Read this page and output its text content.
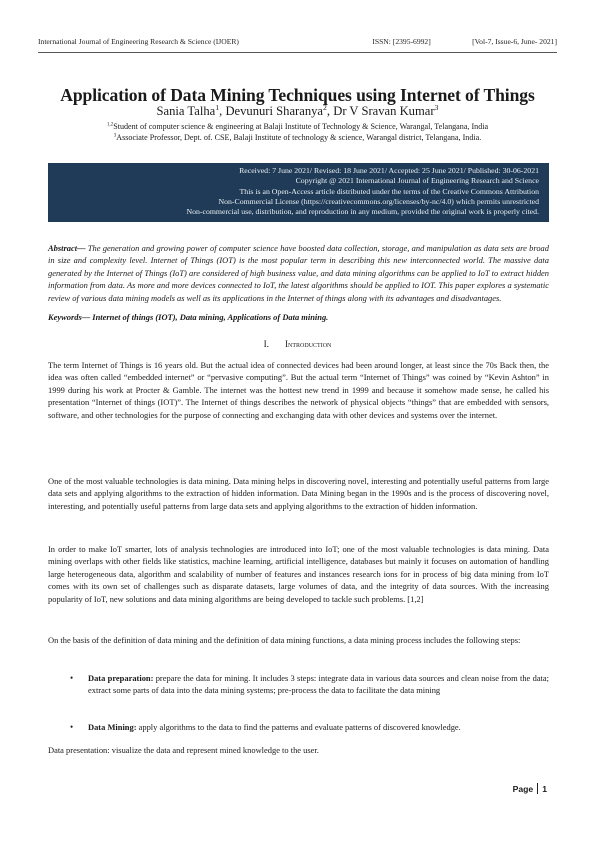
International Journal of Engineering Research & Science (IJOER)	ISSN: [2395-6992]	[Vol-7, Issue-6, June- 2021]
Application of Data Mining Techniques using Internet of Things
Sania Talha$^1$, Devunuri Sharanya$^2$, Dr V Sravan Kumar$^3$
$^{1,2}$Student of computer science & engineering at Balaji Institute of Technology & Science, Warangal, Telangana, India
$^3$Associate Professor, Dept. of. CSE, Balaji Institute of technology & science, Warangal district, Telangana, India.
Received: 7 June 2021/ Revised: 18 June 2021/ Accepted: 25 June 2021/ Published: 30-06-2021
Copyright @ 2021 International Journal of Engineering Research and Science
This is an Open-Access article distributed under the terms of the Creative Commons Attribution
Non-Commercial License (https://creativecommons.org/licenses/by-nc/4.0) which permits unrestricted
Non-commercial use, distribution, and reproduction in any medium, provided the original work is properly cited.
Abstract— The generation and growing power of computer science have boosted data collection, storage, and manipulation as data sets are broad in size and complexity level. Internet of Things (IOT) is the most popular term in describing this new interconnected world. The massive data generated by the Internet of Things (IoT) are considered of high business value, and data mining algorithms can be applied to IoT to extract hidden information from data. As more and more devices connected to IoT, the latest algorithms should be applied to IOT. This paper explores a systematic review of various data mining models as well as its applications in the Internet of things along with its advantages and disadvantages.
Keywords— Internet of things (IOT), Data mining, Applications of Data mining.
I. Introduction

The term Internet of Things is 16 years old. But the actual idea of connected devices had been around longer, at least since the 70s Back then, the idea was often called “embedded internet” or “pervasive computing”. But the actual term “Internet of Things” was coined by “Kevin Ashton” in 1999 during his work at Procter & Gamble. The internet was the hottest new trend in 1999 and because it somehow made sense, he called his presentation “Internet of things (IOT)”. The Internet of things describes the network of physical objects “things” that are embedded with sensors, software, and other technologies for the purpose of connecting and exchanging data with other devices and systems over the internet.

One of the most valuable technologies is data mining. Data mining helps in discovering novel, interesting and potentially useful patterns from large data sets and applying algorithms to the extraction of hidden information. Data Mining began in the 1990s and is the process of discovering novel, interesting, and potentially useful patterns from large data sets and applying algorithms to the extraction of hidden information.

In order to make IoT smarter, lots of analysis technologies are introduced into IoT; one of the most valuable technologies is data mining. Data mining overlaps with other fields like statistics, machine learning, artificial intelligence, databases but mainly it focuses on automation of handling large heterogeneous data, algorithm and scalability of number of features and instances research ions for in process of big data mining from IoT comes with its own set of challenges such as disparate datasets, large volumes of data, and the integrity of data sources. With the increasing popularity of IoT, new solutions and data mining algorithms are being developed to tackle such problems. [1,2]

On the basis of the definition of data mining and the definition of data mining functions, a data mining process includes the following steps:

• Data preparation: prepare the data for mining. It includes 3 steps: integrate data in various data sources and clean noise from the data; extract some parts of data into the data mining systems; pre-process the data to facilitate the data mining
• Data Mining: apply algorithms to the data to find the patterns and evaluate patterns of discovered knowledge.
Data presentation: visualize the data and represent mined knowledge to the user.
Page 1
